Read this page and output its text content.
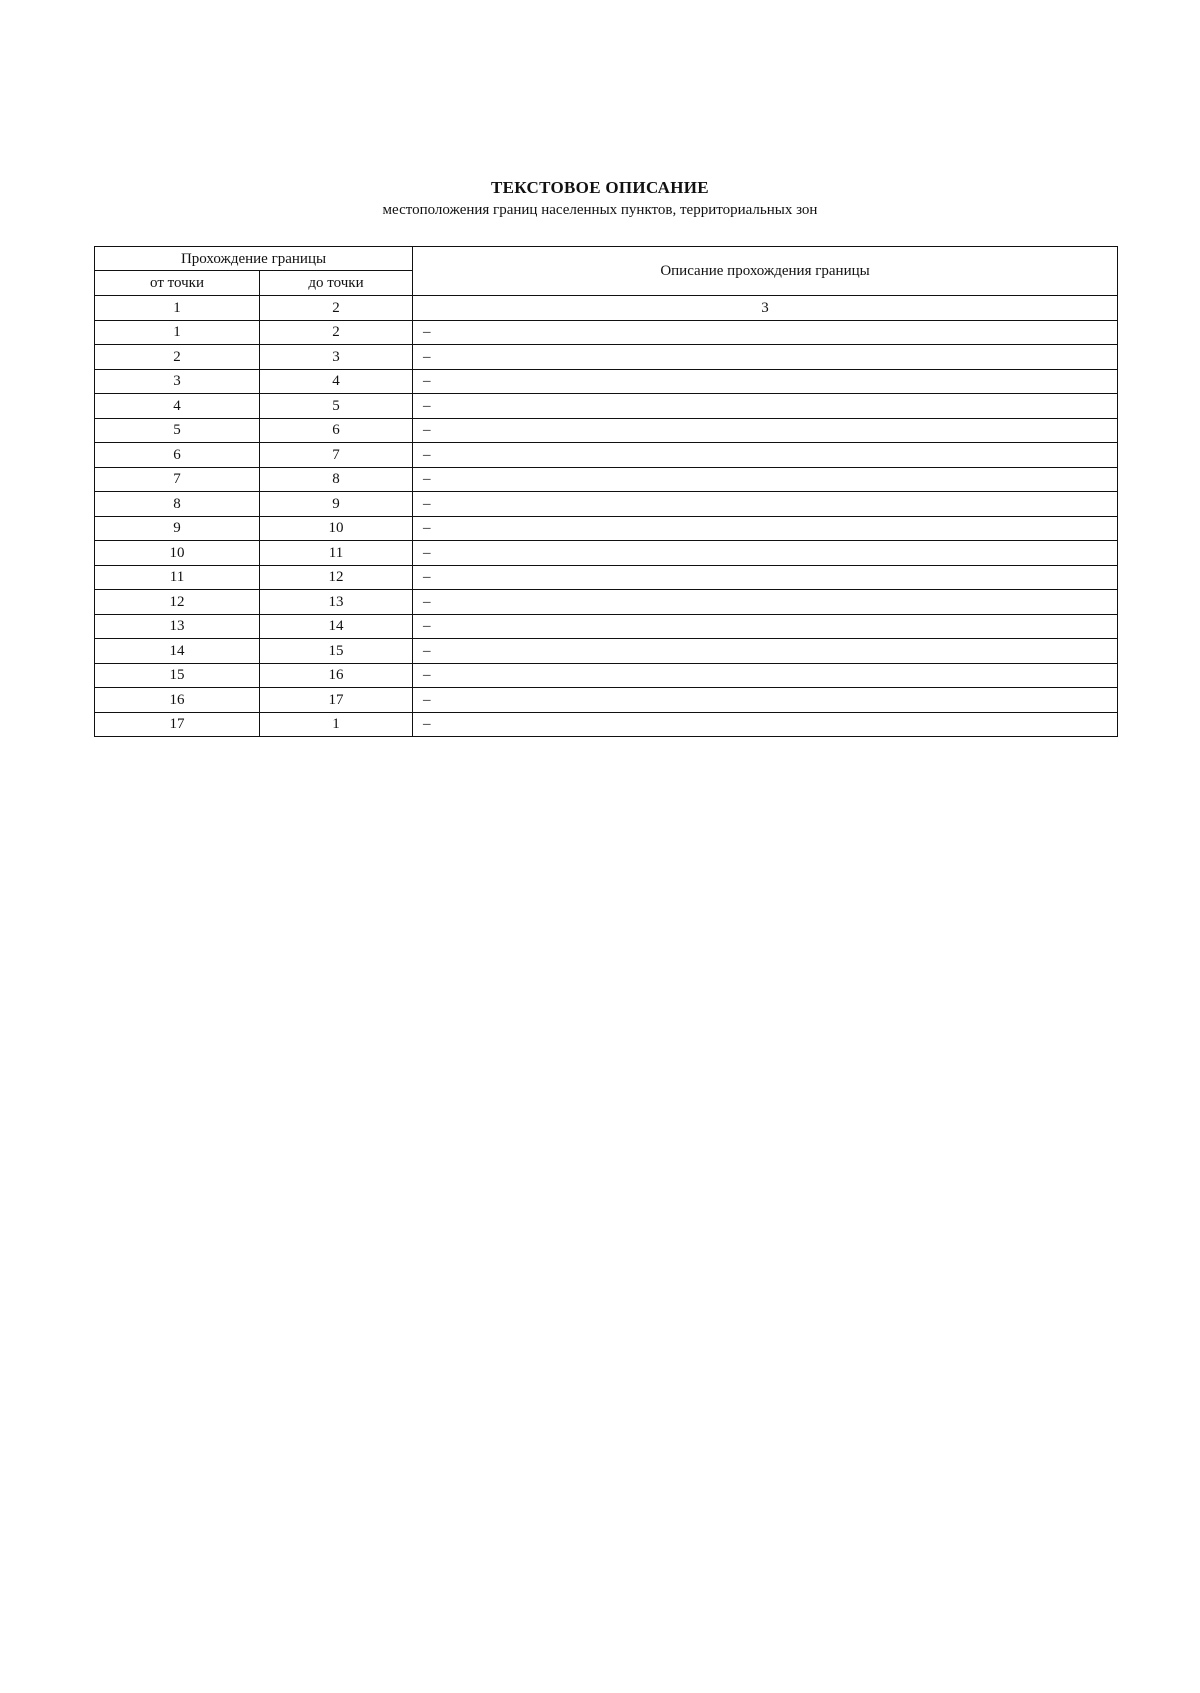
ТЕКСТОВОЕ ОПИСАНИЕ
местоположения границ населенных пунктов, территориальных зон
Прохождение границы		Описание прохождения границы
от точки	до точки	
1	2	3
1	2	–
2	3	–
3	4	–
4	5	–
5	6	–
6	7	–
7	8	–
8	9	–
9	10	–
10	11	–
11	12	–
12	13	–
13	14	–
14	15	–
15	16	–
16	17	–
17	1	–
